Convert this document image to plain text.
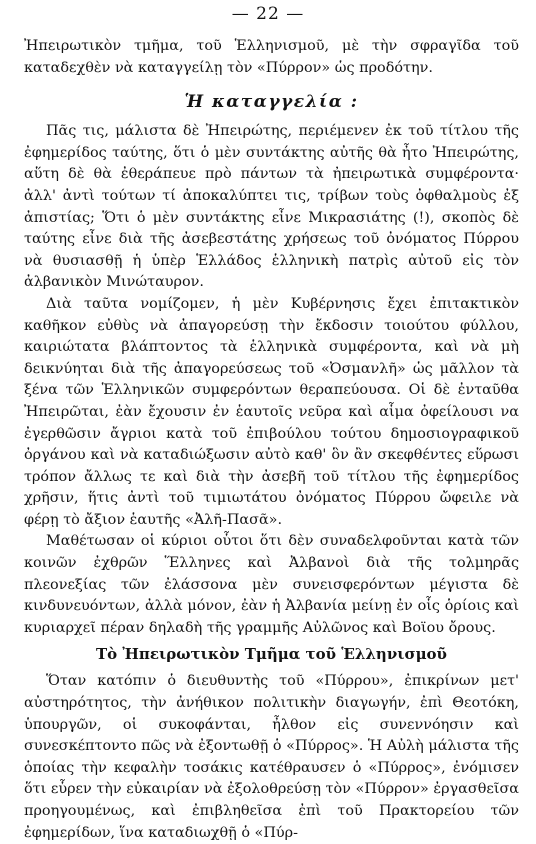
— 22 —

Ἠπειρωτικὸν τμῆμα, τοῦ Ἑλληνισμοῦ, μὲ τὴν σφραγῖδα τοῦ καταδεχθὲν νὰ καταγγείλῃ τὸν «Πύρρον» ὡς προδότην.

Ἡ καταγγελία :

Πᾶς τις, μάλιστα δὲ Ἠπειρώτης, περιέμενεν ἐκ τοῦ τίτλου τῆς ἐφημερίδος ταύτης, ὅτι ὁ μὲν συντάκτης αὐτῆς θὰ ἦτο Ἠπειρώτης, αὕτη δὲ θὰ ἐθεράπευε πρὸ πάντων τὰ ἠπειρωτικὰ συμφέροντα· ἀλλ' ἀντὶ τούτων τί ἀποκαλύπτει τις, τρίβων τοὺς ὀφθαλμοὺς ἐξ ἀπιστίας; Ὅτι ὁ μὲν συντάκτης εἶνε Μικρασιάτης (!), σκοπὸς δὲ ταύτης εἶνε διὰ τῆς ἀσεβεστάτης χρήσεως τοῦ ὀνόματος Πύρρου νὰ θυσιασθῇ ἡ ὑπὲρ Ἑλλάδος ἑλληνικὴ πατρὶς αὐτοῦ εἰς τὸν ἀλβανικὸν Μινώταυρον.

Διὰ ταῦτα νομίζομεν, ἡ μὲν Κυβέρνησις ἔχει ἐπιτακτικὸν καθῆκον εὐθὺς νὰ ἀπαγορεύσῃ τὴν ἔκδοσιν τοιούτου φύλλου, καιριώτατα βλάπτοντος τὰ ἑλληνικὰ συμφέροντα, καὶ νὰ μὴ δεικνύηται διὰ τῆς ἀπαγορεύσεως τοῦ «Ὀσμανλῆ» ὡς μᾶλλον τὰ ξένα τῶν Ἑλληνικῶν συμφερόντων θεραπεύουσα. Οἱ δὲ ἐνταῦθα Ἠπειρῶται, ἐὰν ἔχουσιν ἐν ἑαυτοῖς νεῦρα καὶ αἷμα ὀφείλουσι να ἐγερθῶσιν ἄγριοι κατὰ τοῦ ἐπιβούλου τούτου δημοσιογραφικοῦ ὀργάνου καὶ νὰ καταδιώξωσιν αὐτὸ καθ' ὃν ἂν σκεφθέντες εὕρωσι τρόπον ἄλλως τε καὶ διὰ τὴν ἀσεβῆ τοῦ τίτλου τῆς ἐφημερίδος χρῆσιν, ἥτις ἀντὶ τοῦ τιμιωτάτου ὀνόματος Πύρρου ὤφειλε νὰ φέρῃ τὸ ἄξιον ἑαυτῆς «Ἀλῆ-Πασᾶ».

Μαθέτωσαν οἱ κύριοι οὗτοι ὅτι δὲν συναδελφοῦνται κατὰ τῶν κοινῶν ἐχθρῶν Ἕλληνες καὶ Ἀλβανοὶ διὰ τῆς τολμηρᾶς πλεονεξίας τῶν ἐλάσσονα μὲν συνεισφερόντων μέγιστα δὲ κινδυνευόντων, ἀλλὰ μόνον, ἐὰν ἡ Ἀλβανία μείνῃ ἐν οἷς ὁρίοις καὶ κυριαρχεῖ πέραν δηλαδὴ τῆς γραμμῆς Αὐλῶνος καὶ Βοϊου ὄρους.

Τὸ Ἠπειρωτικὸν Τμῆμα τοῦ Ἑλληνισμοῦ

Ὅταν κατόπιν ὁ διευθυντὴς τοῦ «Πύρρου», ἐπικρίνων μετ' αὐστηρότητος, τὴν ἀνήθικον πολιτικὴν διαγωγήν, ἐπὶ Θεοτόκη, ὑπουργῶν, οἱ συκοφάνται, ἦλθον εἰς συνεννόησιν καὶ συνεσκέπτοντο πῶς νὰ ἐξοντωθῇ ὁ «Πύρρος». Ἡ Αὐλὴ μάλιστα τῆς ὁποίας τὴν κεφαλὴν τοσάκις κατέθραυσεν ὁ «Πύρρος», ἐνόμισεν ὅτι εὗρεν τὴν εὐκαιρίαν νὰ ἐξολοθρεύσῃ τὸν «Πύρρον» ἐργασθεῖσα προηγουμένως, καὶ ἐπιβληθεῖσα ἐπὶ τοῦ Πρακτορείου τῶν ἐφημερίδων, ἵνα καταδιωχθῇ ὁ «Πύρ-
